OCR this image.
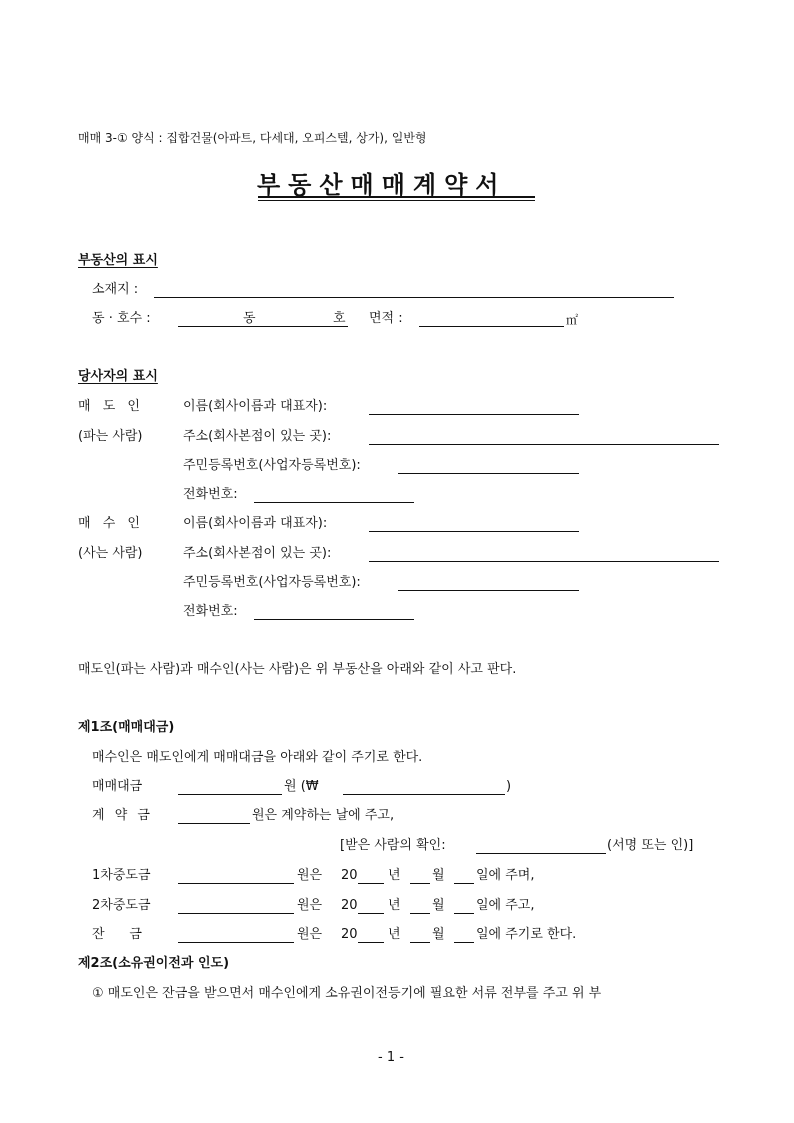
매매 3-① 양식 : 집합건물(아파트, 다세대, 오피스텔, 상가), 일반형
부동산매매계약서
부동산의 표시
소재지 :
동 · 호수 :	동	호 면적 :	㎡
당사자의 표시
매 도 인	이름(회사이름과 대표자):
(파는 사람)	주소(회사본점이 있는 곳):
주민등록번호(사업자등록번호):
전화번호:
매 수 인	이름(회사이름과 대표자):
(사는 사람)	주소(회사본점이 있는 곳):
주민등록번호(사업자등록번호):
전화번호:
매도인(파는 사람)과 매수인(사는 사람)은 위 부동산을 아래와 같이 사고 판다.
제1조(매매대금)
매수인은 매도인에게 매매대금을 아래와 같이 주기로 한다.
매매대금	원 (₩	)
계 약 금	원은 계약하는 날에 주고,
[받은 사람의 확인:	(서명 또는 인)]
1차중도금	원은 20 년 월 일에 주며,
2차중도금	원은 20 년 월 일에 주고,
잔      금	원은 20 년 월 일에 주기로 한다.
제2조(소유권이전과 인도)
① 매도인은 잔금을 받으면서 매수인에게 소유권이전등기에 필요한 서류 전부를 주고 위 부
- 1 -
